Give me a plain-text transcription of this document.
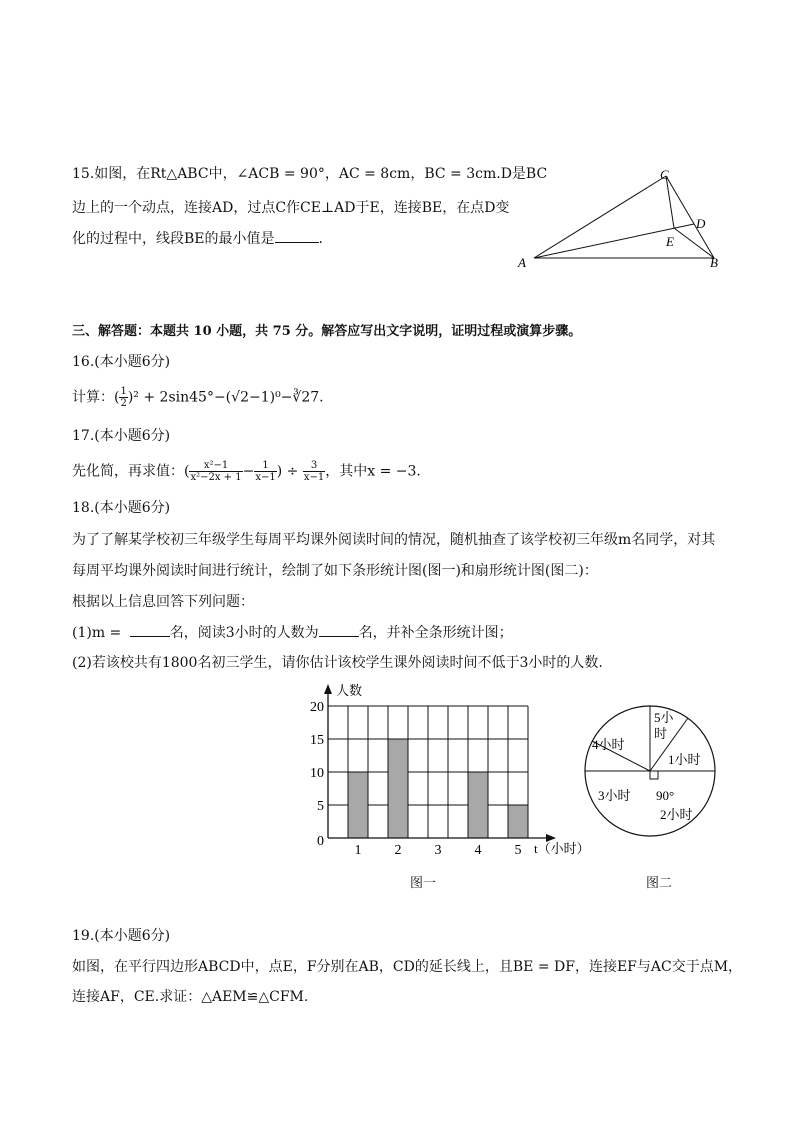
15.如图，在Rt△ABC中，∠ACB = 90°，AC = 8cm，BC = 3cm.D是BC
边上的一个动点，连接AD，过点C作CE⊥AD于E，连接BE，在点D变
化的过程中，线段BE的最小值是	.
C
D
E
A	B
三、解答题：本题共 10 小题，共 75 分。解答应写出文字说明，证明过程或演算步骤。
16.(本小题6分)
计算：( $\frac{1}{2} )^2$ + 2sin45°−(√2−1)⁰−∛27.
17.(本小题6分)
先化简，再求值：( $\frac{\text{x²−1}}{\text{x²−2x + 1}} - \frac{1}{x-1}$ ) ÷ $\frac{3}{x-1}$ ，其中x = −3.
18.(本小题6分)
为了了解某学校初三年级学生每周平均课外阅读时间的情况，随机抽查了该学校初三年级m名同学，对其
每周平均课外阅读时间进行统计，绘制了如下条形统计图(图一)和扇形统计图(图二)：
根据以上信息回答下列问题：
(1)m =	名，阅读3小时的人数为	名，并补全条形统计图；
(2)若该校共有1800名初三学生，请你估计该校学生课外阅读时间不低于3小时的人数.
0
5
10
15
20
1 2 3 4 5
人数
t（小时）
图一
5小
时
4小时
1小时
3小时 90°
2小时
图二
19.(本小题6分)
如图，在平行四边形ABCD中，点E，F分别在AB，CD的延长线上，且BE = DF，连接EF与AC交于点M，
连接AF，CE.求证：△AEM≌△CFM.
